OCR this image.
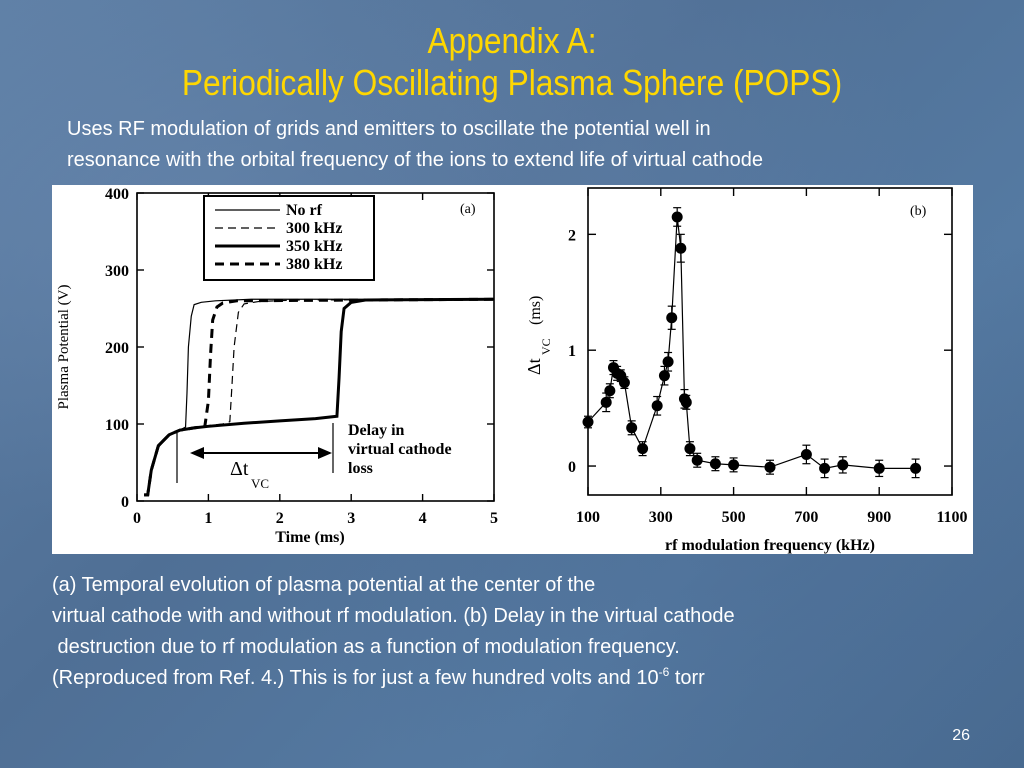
Appendix A:
Periodically Oscillating Plasma Sphere (POPS)
Uses RF modulation of grids and emitters to oscillate the potential well in
resonance with the orbital frequency of the ions to extend life of virtual cathode
0	1	2	3	4	5
0
100
200
300
400
No rf
300 kHz
350 kHz
380 kHz
(a)
Δt
VC
Delay in
virtual cathode
loss
Time (ms)
Plasma Potential (V)
100	300	500	700	900	1100
0
1
2
(b)
rf modulation frequency (kHz)
Δt
VC
(ms)
(a) Temporal evolution of plasma potential at the center of the
virtual cathode with and without rf modulation. (b) Delay in the virtual cathode
destruction due to rf modulation as a function of modulation frequency.
(Reproduced from Ref. 4.) This is for just a few hundred volts and $10^{-6}$ torr
26
